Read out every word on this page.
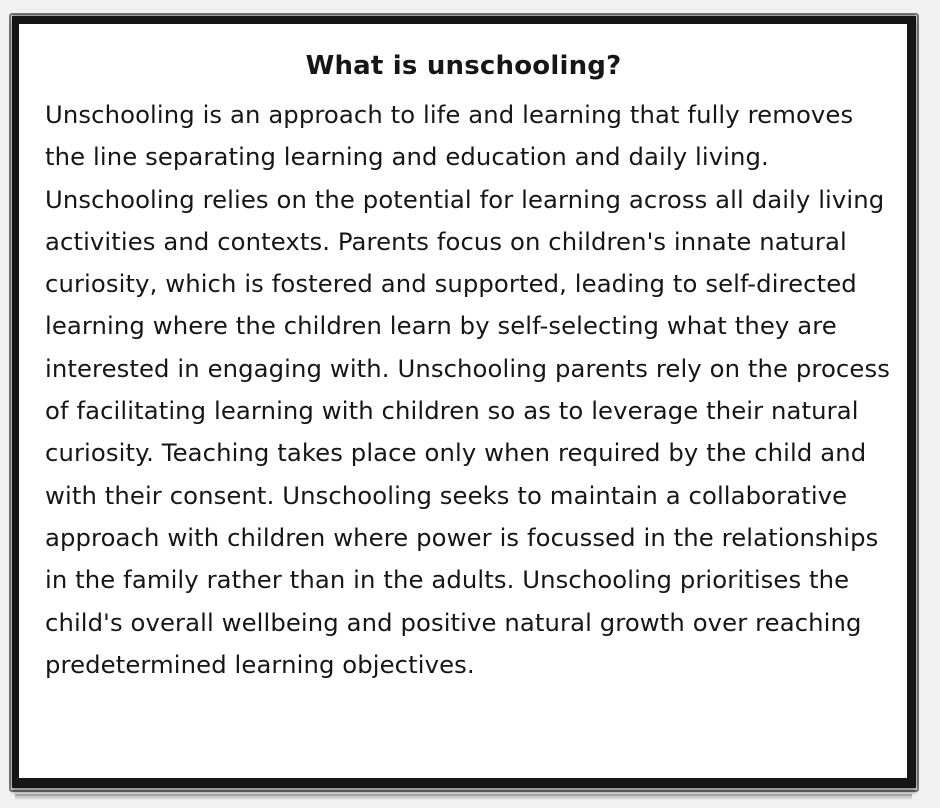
What is unschooling?

Unschooling is an approach to life and learning that fully removes the line separating learning and education and daily living. Unschooling relies on the potential for learning across all daily living activities and contexts. Parents focus on children's innate natural curiosity, which is fostered and supported, leading to self-directed learning where the children learn by self-selecting what they are interested in engaging with. Unschooling parents rely on the process of facilitating learning with children so as to leverage their natural curiosity. Teaching takes place only when required by the child and with their consent. Unschooling seeks to maintain a collaborative approach with children where power is focussed in the relationships in the family rather than in the adults. Unschooling prioritises the child's overall wellbeing and positive natural growth over reaching predetermined learning objectives.
